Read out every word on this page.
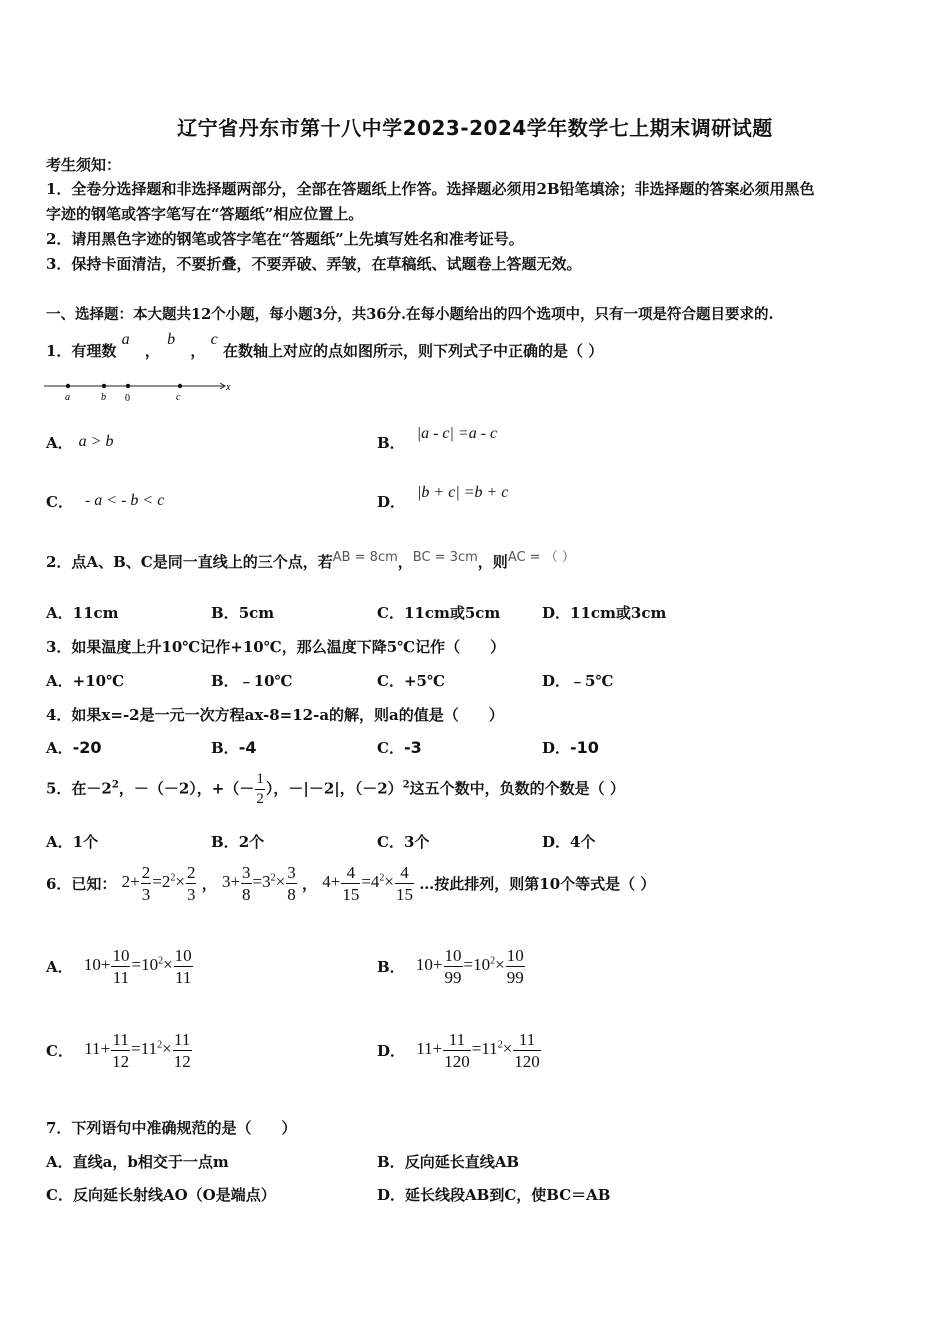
辽宁省丹东市第十八中学2023-2024学年数学七上期末调研试题
考生须知：
1．全卷分选择题和非选择题两部分，全部在答题纸上作答。选择题必须用2B铅笔填涂；非选择题的答案必须用黑色
字迹的钢笔或答字笔写在“答题纸”相应位置上。
2．请用黑色字迹的钢笔或答字笔在“答题纸”上先填写姓名和准考证号。
3．保持卡面清洁，不要折叠，不要弄破、弄皱，在草稿纸、试题卷上答题无效。
一、选择题：本大题共12个小题，每小题3分，共36分.在每小题给出的四个选项中，只有一项是符合题目要求的.
1．有理数 a ， b ， c 在数轴上对应的点如图所示，则下列式子中正确的是（ ）
a	b 0	c
x
A． a > b	B．|a - c| =a - c
C． - a < - b < c	D．|b + c| =b + c
2．点A、B、C是同一直线上的三个点，若AB = 8cm，BC = 3cm，则AC = （ ）
A．11cm	B．5cm	C．11cm或5cm	D．11cm或3cm
3．如果温度上升10℃记作+10℃，那么温度下降5℃记作（　　）
A．+10℃	B．﹣10℃	C．+5℃	D．﹣5℃
4．如果x=-2是一元一次方程ax-8=12-a的解，则a的值是（　　）
A．-20	B．-4	C．-3	D．-10
5．在$-2^2$，－（－2），+（－ $\frac{1}{2}$ ），－|－2|，$(-2)^2$这五个数中，负数的个数是（ ）
A．1个	B．2个	C．3个	D．4个
6．已知： $2+ \frac{2}{3} =2^2\times \frac{2}{3}$ ， $3+ \frac{3}{8} =3^2\times \frac{3}{8}$ ， $4+ \frac{4}{15} =4^2\times \frac{4}{15}$ …按此排列，则第10个等式是（ ）
A． $10+ \frac{10}{11} =10^2\times \frac{10}{11}$	B． $10+ \frac{10}{99} =10^2\times \frac{10}{99}$
C． $11+ \frac{11}{12} =11^2\times \frac{11}{12}$	D． $11+ \frac{11}{120} =11^2\times \frac{11}{120}$
7．下列语句中准确规范的是（　　）
A．直线a，b相交于一点m	B．反向延长直线AB
C．反向延长射线AO（O是端点）	D．延长线段AB到C，使BC＝AB
